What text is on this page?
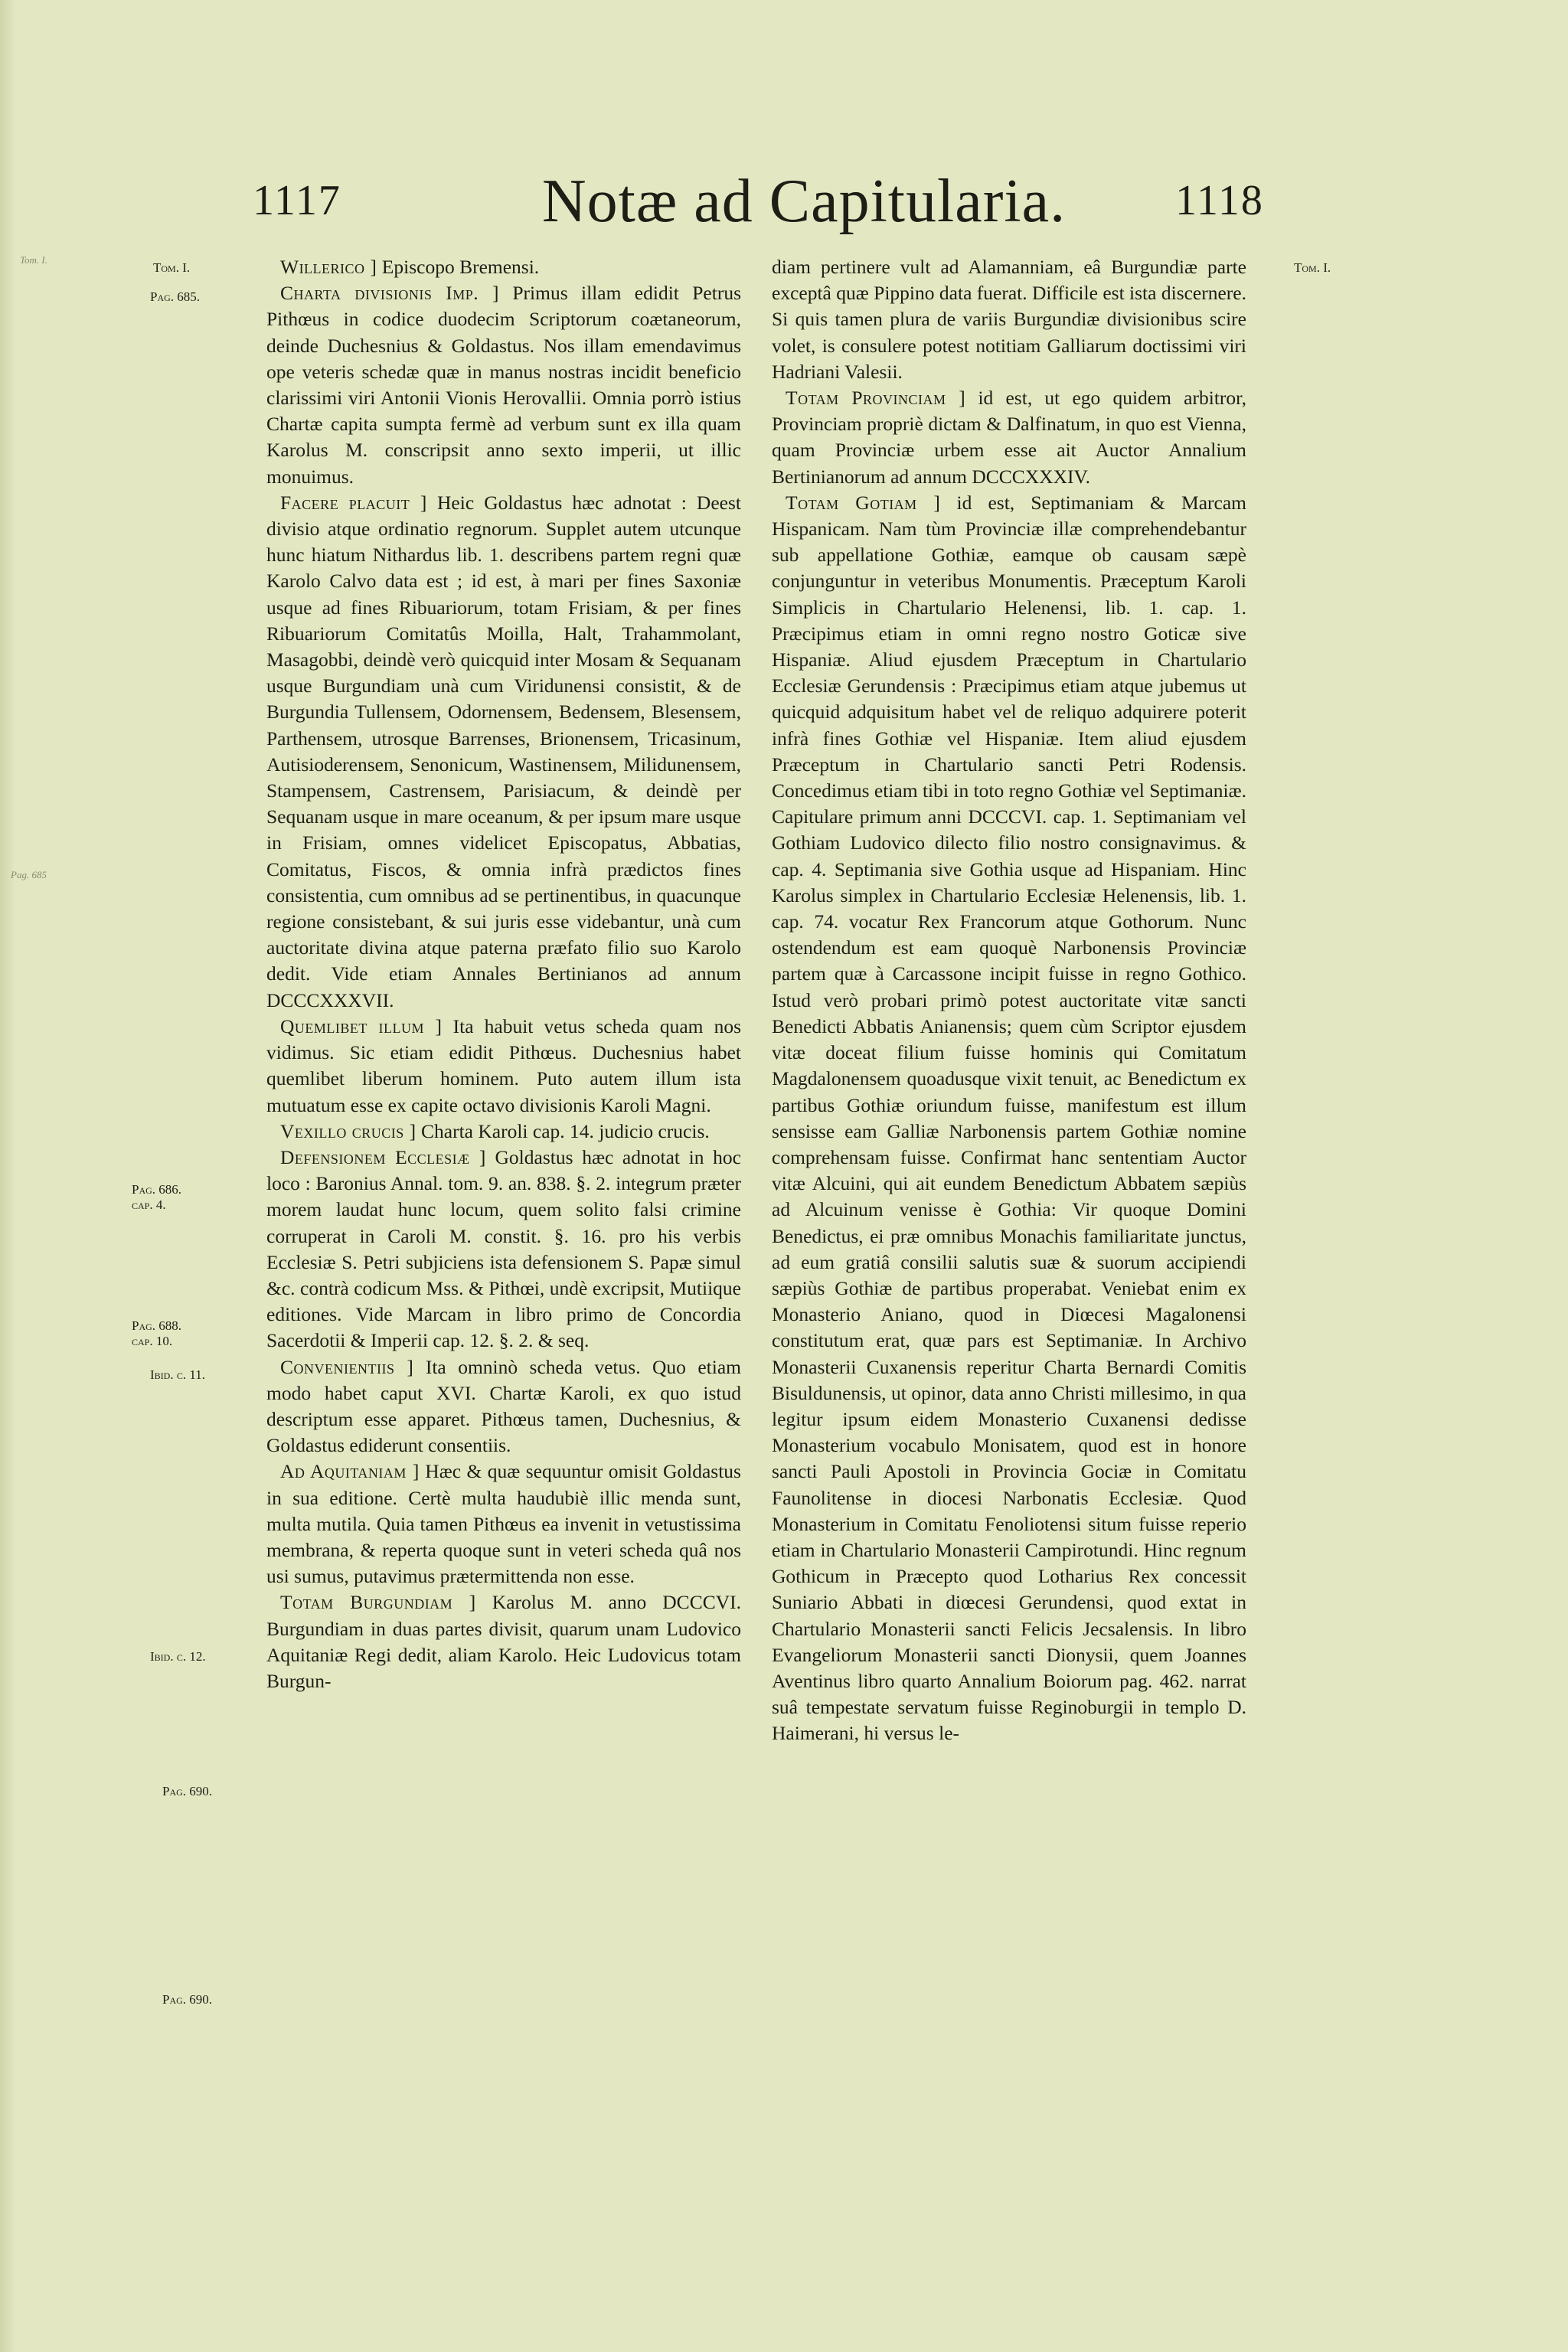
Tom. I.
Pag. 685
1117	Notæ ad Capitularia.	1118
Tom. I.
Pag. 685.
Pag. 686.
cap. 4.
Pag. 688.
cap. 10.
Ibid. c. 11.
Ibid. c. 12.
Pag. 690.
Pag. 690.
Tom. I.

Willerico ] Episcopo Bremensi.

Charta divisionis Imp. ] Primus illam edidit Petrus Pithœus in codice duodecim Scriptorum coætaneorum, deinde Duchesnius & Goldastus. Nos illam emendavimus ope veteris schedæ quæ in manus nostras incidit beneficio clarissimi viri Antonii Vionis Herovallii. Omnia porrò istius Chartæ capita sumpta fermè ad verbum sunt ex illa quam Karolus M. conscripsit anno sexto imperii, ut illic monuimus.

Facere placuit ] Heic Goldastus hæc adnotat : Deest divisio atque ordinatio regnorum. Supplet autem utcunque hunc hiatum Nithardus lib. 1. describens partem regni quæ Karolo Calvo data est ; id est, à mari per fines Saxoniæ usque ad fines Ribuariorum, totam Frisiam, & per fines Ribuariorum Comitatûs Moilla, Halt, Trahammolant, Masagobbi, deindè verò quicquid inter Mosam & Sequanam usque Burgundiam unà cum Viridunensi consistit, & de Burgundia Tullensem, Odornensem, Bedensem, Blesensem, Parthensem, utrosque Barrenses, Brionensem, Tricasinum, Autisioderensem, Senonicum, Wastinensem, Milidunensem, Stampensem, Castrensem, Parisiacum, & deindè per Sequanam usque in mare oceanum, & per ipsum mare usque in Frisiam, omnes videlicet Episcopatus, Abbatias, Comitatus, Fiscos, & omnia infrà prædictos fines consistentia, cum omnibus ad se pertinentibus, in quacunque regione consistebant, & sui juris esse videbantur, unà cum auctoritate divina atque paterna præfato filio suo Karolo dedit. Vide etiam Annales Bertinianos ad annum DCCCXXXVII.

Quemlibet illum ] Ita habuit vetus scheda quam nos vidimus. Sic etiam edidit Pithœus. Duchesnius habet quemlibet liberum hominem. Puto autem illum ista mutuatum esse ex capite octavo divisionis Karoli Magni.

Vexillo crucis ] Charta Karoli cap. 14. judicio crucis.

Defensionem Ecclesiæ ] Goldastus hæc adnotat in hoc loco : Baronius Annal. tom. 9. an. 838. §. 2. integrum præter morem laudat hunc locum, quem solito falsi crimine corruperat in Caroli M. constit. §. 16. pro his verbis Ecclesiæ S. Petri subjiciens ista defensionem S. Papæ simul &c. contrà codicum Mss. & Pithœi, undè excripsit, Mutiique editiones. Vide Marcam in libro primo de Concordia Sacerdotii & Imperii cap. 12. §. 2. & seq.

Convenientiis ] Ita omninò scheda vetus. Quo etiam modo habet caput XVI. Chartæ Karoli, ex quo istud descriptum esse apparet. Pithœus tamen, Duchesnius, & Goldastus ediderunt consentiis.

Ad Aquitaniam ] Hæc & quæ sequuntur omisit Goldastus in sua editione. Certè multa haudubiè illic menda sunt, multa mutila. Quia tamen Pithœus ea invenit in vetustissima membrana, & reperta quoque sunt in veteri scheda quâ nos usi sumus, putavimus prætermittenda non esse.

Totam Burgundiam ] Karolus M. anno DCCCVI. Burgundiam in duas partes divisit, quarum unam Ludovico Aquitaniæ Regi dedit, aliam Karolo. Heic Ludovicus totam Burgun-

diam pertinere vult ad Alamanniam, eâ Burgundiæ parte exceptâ quæ Pippino data fuerat. Difficile est ista discernere. Si quis tamen plura de variis Burgundiæ divisionibus scire volet, is consulere potest notitiam Galliarum doctissimi viri Hadriani Valesii.

Totam Provinciam ] id est, ut ego quidem arbitror, Provinciam propriè dictam & Dalfinatum, in quo est Vienna, quam Provinciæ urbem esse ait Auctor Annalium Bertinianorum ad annum DCCCXXXIV.

Totam Gotiam ] id est, Septimaniam & Marcam Hispanicam. Nam tùm Provinciæ illæ comprehendebantur sub appellatione Gothiæ, eamque ob causam sæpè conjunguntur in veteribus Monumentis. Præceptum Karoli Simplicis in Chartulario Helenensi, lib. 1. cap. 1. Præcipimus etiam in omni regno nostro Goticæ sive Hispaniæ. Aliud ejusdem Præceptum in Chartulario Ecclesiæ Gerundensis : Præcipimus etiam atque jubemus ut quicquid adquisitum habet vel de reliquo adquirere poterit infrà fines Gothiæ vel Hispaniæ. Item aliud ejusdem Præceptum in Chartulario sancti Petri Rodensis. Concedimus etiam tibi in toto regno Gothiæ vel Septimaniæ. Capitulare primum anni DCCCVI. cap. 1. Septimaniam vel Gothiam Ludovico dilecto filio nostro consignavimus. & cap. 4. Septimania sive Gothia usque ad Hispaniam. Hinc Karolus simplex in Chartulario Ecclesiæ Helenensis, lib. 1. cap. 74. vocatur Rex Francorum atque Gothorum. Nunc ostendendum est eam quoquè Narbonensis Provinciæ partem quæ à Carcassone incipit fuisse in regno Gothico. Istud verò probari primò potest auctoritate vitæ sancti Benedicti Abbatis Anianensis; quem cùm Scriptor ejusdem vitæ doceat filium fuisse hominis qui Comitatum Magdalonensem quoadusque vixit tenuit, ac Benedictum ex partibus Gothiæ oriundum fuisse, manifestum est illum sensisse eam Galliæ Narbonensis partem Gothiæ nomine comprehensam fuisse. Confirmat hanc sententiam Auctor vitæ Alcuini, qui ait eundem Benedictum Abbatem sæpiùs ad Alcuinum venisse è Gothia: Vir quoque Domini Benedictus, ei præ omnibus Monachis familiaritate junctus, ad eum gratiâ consilii salutis suæ & suorum accipiendi sæpiùs Gothiæ de partibus properabat. Veniebat enim ex Monasterio Aniano, quod in Diœcesi Magalonensi constitutum erat, quæ pars est Septimaniæ. In Archivo Monasterii Cuxanensis reperitur Charta Bernardi Comitis Bisuldunensis, ut opinor, data anno Christi millesimo, in qua legitur ipsum eidem Monasterio Cuxanensi dedisse Monasterium vocabulo Monisatem, quod est in honore sancti Pauli Apostoli in Provincia Gociæ in Comitatu Faunolitense in diocesi Narbonatis Ecclesiæ. Quod Monasterium in Comitatu Fenoliotensi situm fuisse reperio etiam in Chartulario Monasterii Campirotundi. Hinc regnum Gothicum in Præcepto quod Lotharius Rex concessit Suniario Abbati in diœcesi Gerundensi, quod extat in Chartulario Monasterii sancti Felicis Jecsalensis. In libro Evangeliorum Monasterii sancti Dionysii, quem Joannes Aventinus libro quarto Annalium Boiorum pag. 462. narrat suâ tempestate servatum fuisse Reginoburgii in templo D. Haimerani, hi versus le-
